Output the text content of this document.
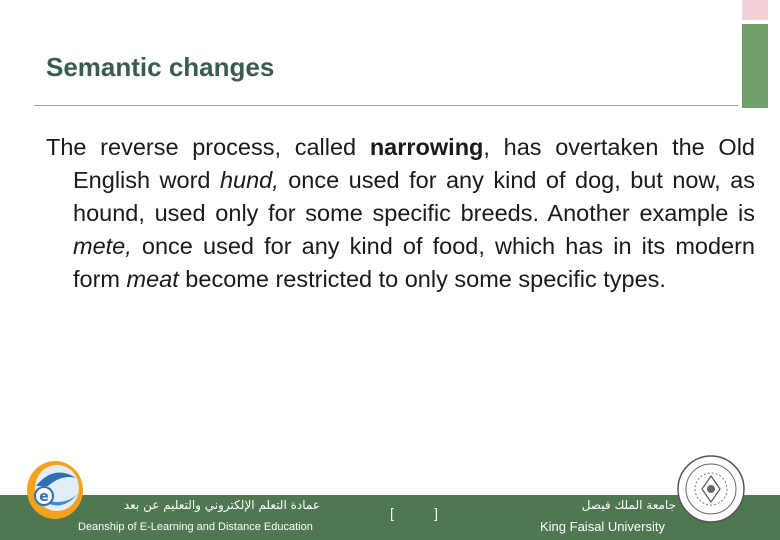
Semantic changes
The reverse process, called narrowing, has overtaken the Old English word hund, once used for any kind of dog, but now, as hound, used only for some specific breeds. Another example is mete, once used for any kind of food, which has in its modern form meat become restricted to only some specific types.
e	عمادة التعلم الإلكتروني والتعليم عن بعد
Deanship of E-Learning and Distance Education
[	]	جامعة الملك فيصل
King Faisal University
